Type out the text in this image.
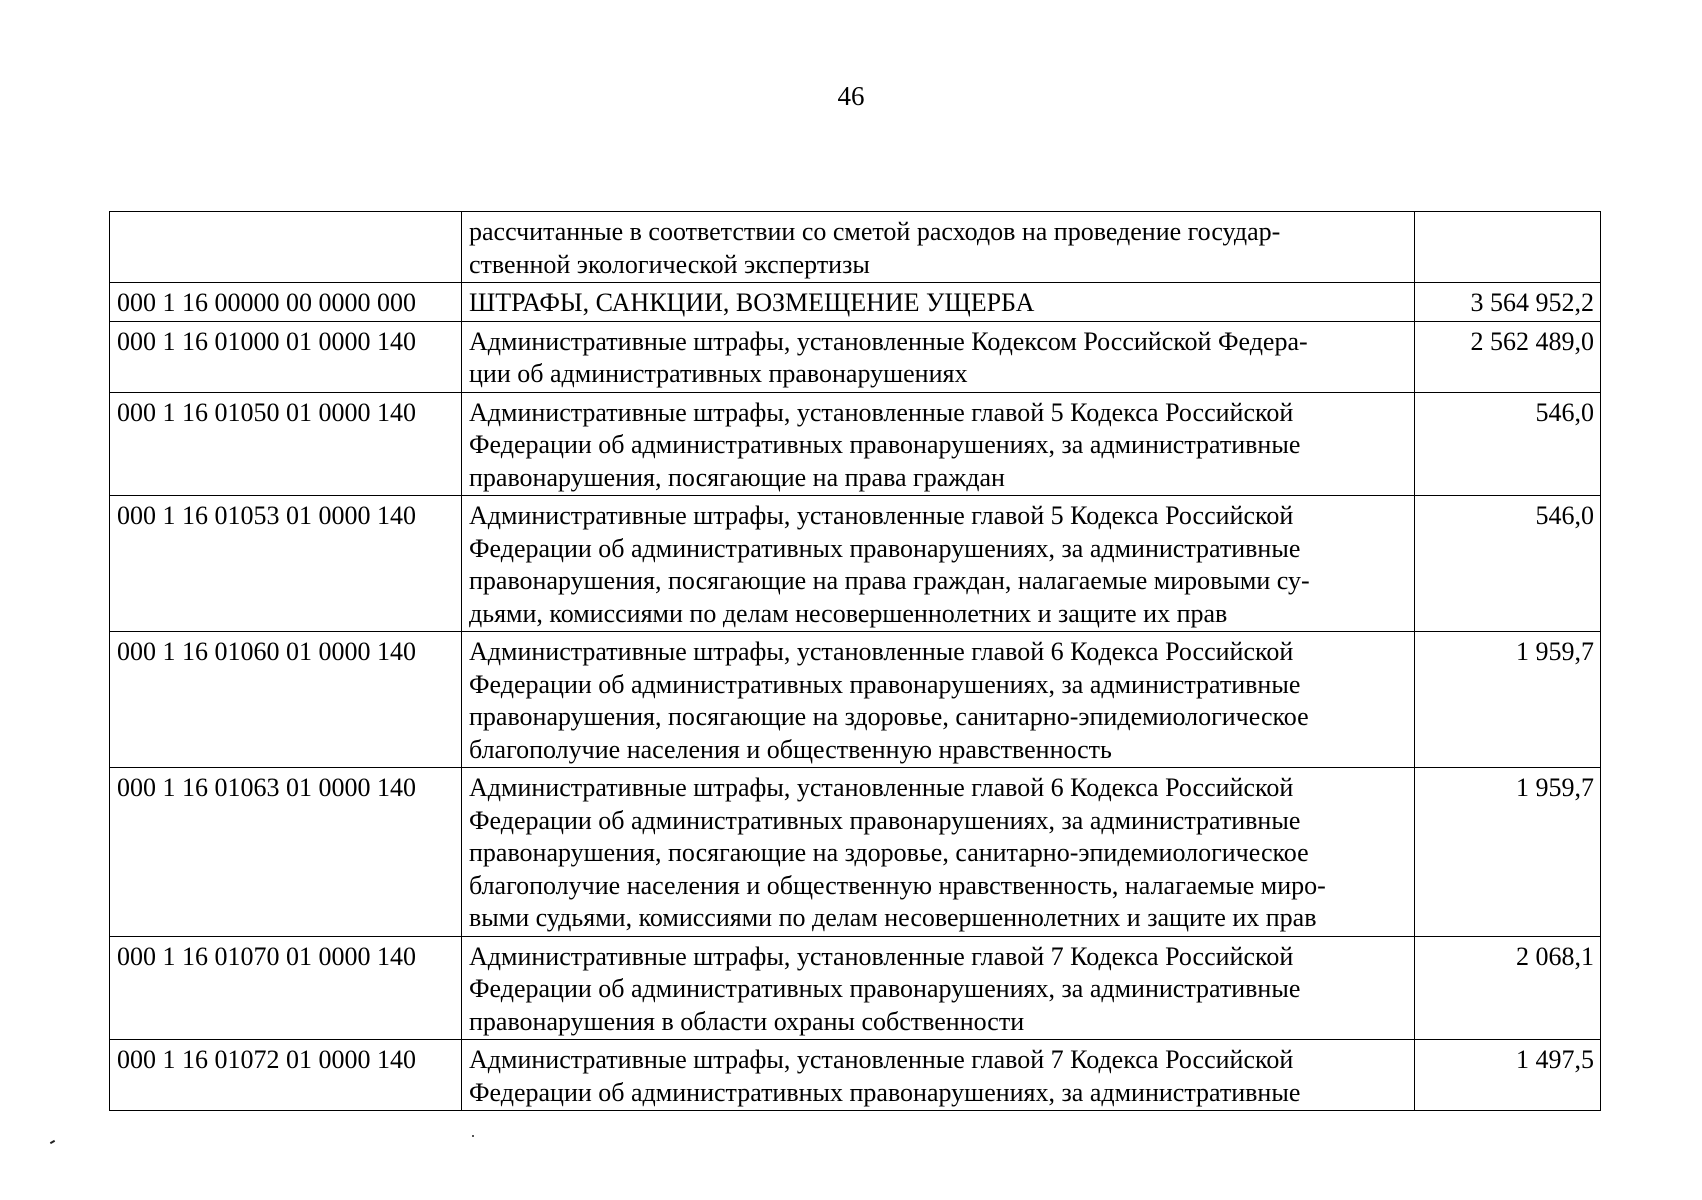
46

	рассчитанные в соответствии со сметой расходов на проведение государ-
ственной экологической экспертизы	

000 1 16 00000 00 0000 000	ШТРАФЫ, САНКЦИИ, ВОЗМЕЩЕНИЕ УЩЕРБА	3 564 952,2
000 1 16 01000 01 0000 140	Административные штрафы, установленные Кодексом Российской Федера-
ции об административных правонарушениях	2 562 489,0
000 1 16 01050 01 0000 140	Административные штрафы, установленные главой 5 Кодекса Российской
Федерации об административных правонарушениях, за административные
правонарушения, посягающие на права граждан	546,0
000 1 16 01053 01 0000 140	Административные штрафы, установленные главой 5 Кодекса Российской
Федерации об административных правонарушениях, за административные
правонарушения, посягающие на права граждан, налагаемые мировыми су-
дьями, комиссиями по делам несовершеннолетних и защите их прав	546,0
000 1 16 01060 01 0000 140	Административные штрафы, установленные главой 6 Кодекса Российской
Федерации об административных правонарушениях, за административные
правонарушения, посягающие на здоровье, санитарно-эпидемиологическое
благополучие населения и общественную нравственность	1 959,7
000 1 16 01063 01 0000 140	Административные штрафы, установленные главой 6 Кодекса Российской
Федерации об административных правонарушениях, за административные
правонарушения, посягающие на здоровье, санитарно-эпидемиологическое
благополучие населения и общественную нравственность, налагаемые миро-
выми судьями, комиссиями по делам несовершеннолетних и защите их прав	1 959,7
000 1 16 01070 01 0000 140	Административные штрафы, установленные главой 7 Кодекса Российской
Федерации об административных правонарушениях, за административные
правонарушения в области охраны собственности	2 068,1
000 1 16 01072 01 0000 140	Административные штрафы, установленные главой 7 Кодекса Российской
Федерации об административных правонарушениях, за административные	1 497,5
